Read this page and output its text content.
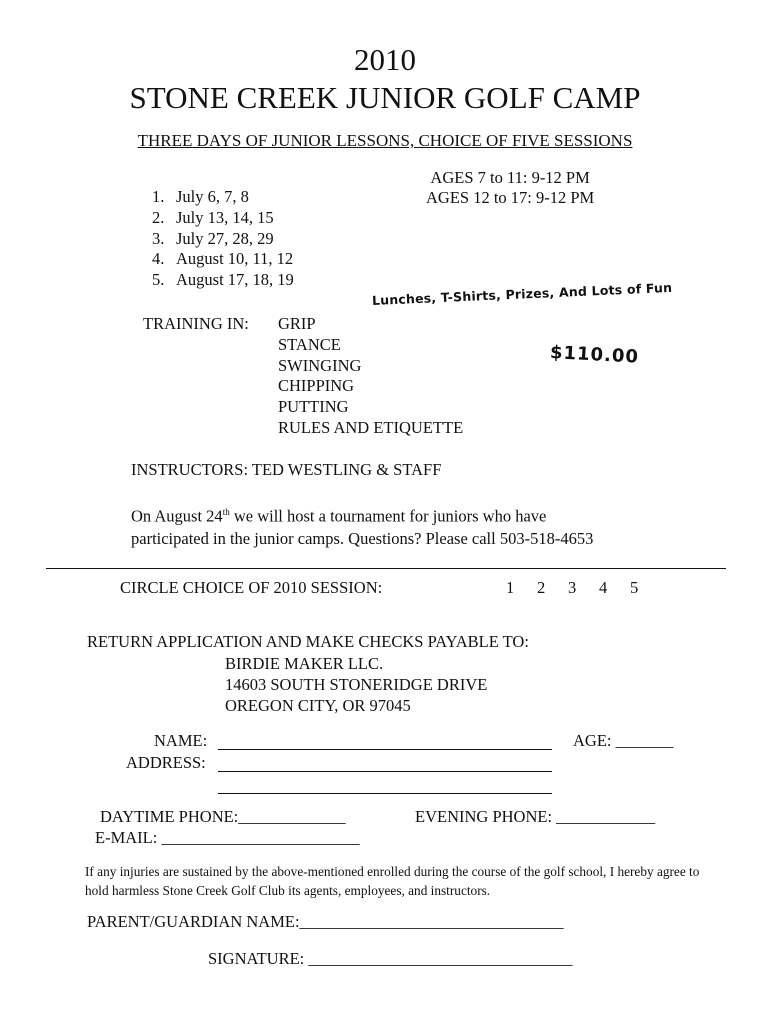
2010
STONE CREEK JUNIOR GOLF CAMP
THREE DAYS OF JUNIOR LESSONS, CHOICE OF FIVE SESSIONS
1. July 6, 7, 8
2. July 13, 14, 15
3. July 27, 28, 29
4. August 10, 11, 12
5. August 17, 18, 19
AGES 7 to 11: 9-12 PM
AGES 12 to 17: 9-12 PM
Lunches, T-Shirts, Prizes, And Lots of Fun
$110.00
TRAINING IN: GRIP
STANCE
SWINGING
CHIPPING
PUTTING
RULES AND ETIQUETTE
INSTRUCTORS: TED WESTLING & STAFF
On August 24th we will host a tournament for juniors who have
participated in the junior camps. Questions? Please call 503-518-4653
CIRCLE CHOICE OF 2010 SESSION:	1 2 3 4 5
RETURN APPLICATION AND MAKE CHECKS PAYABLE TO:
BIRDIE MAKER LLC.
14603 SOUTH STONERIDGE DRIVE
OREGON CITY, OR 97045
NAME:	AGE: _______
ADDRESS:
DAYTIME PHONE:_____________	EVENING PHONE: ____________
E-MAIL: ________________________
If any injuries are sustained by the above-mentioned enrolled during the course of the golf school, I hereby agree to hold harmless Stone Creek Golf Club its agents, employees, and instructors.
PARENT/GUARDIAN NAME:________________________________
SIGNATURE: ________________________________
